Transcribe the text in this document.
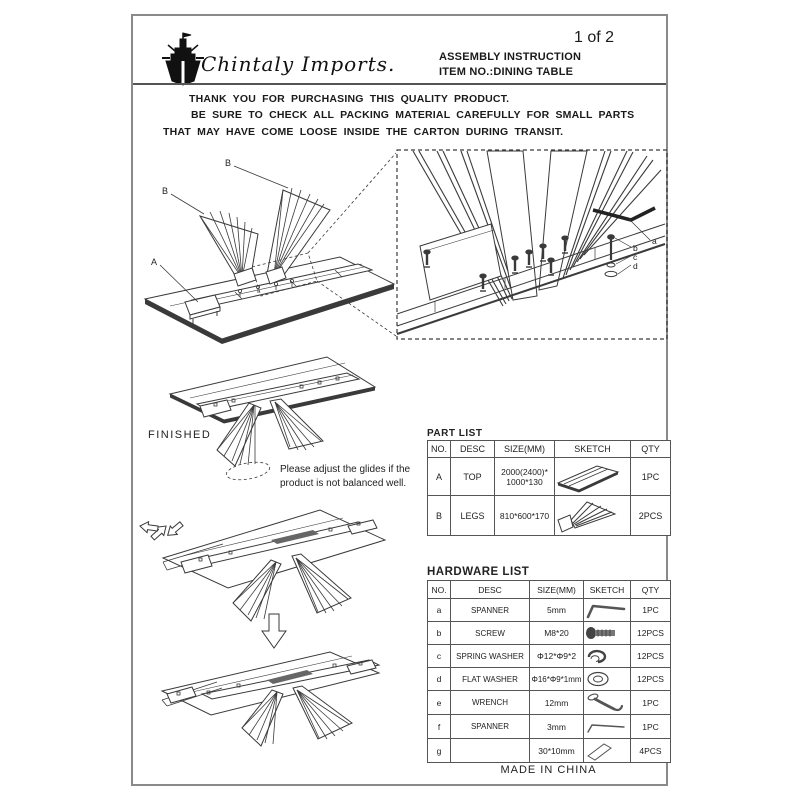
1 of 2
Chintaly Imports.	ASSEMBLY INSTRUCTION
ITEM NO.:DINING TABLE
THANK YOU FOR PURCHASING THIS QUALITY PRODUCT.
BE SURE TO CHECK ALL PACKING MATERIAL CAREFULLY FOR SMALL PARTS
THAT MAY HAVE COME LOOSE INSIDE THE CARTON DURING TRANSIT.
B
B
A
a
b
c
d
FINISHED
Please adjust the glides if the
product is not balanced well.
PART LIST
NO.	DESC	SIZE(MM)	SKETCH	QTY
A	TOP	2000(2400)*
1000*130		1PC
B	LEGS	810*600*170		2PCS
HARDWARE LIST
NO.	DESC	SIZE(MM)	SKETCH	QTY
a	SPANNER	5mm		1PC
b	SCREW	M8*20		12PCS
c	SPRING WASHER	Φ12*Φ9*2		12PCS
d	FLAT WASHER	Φ16*Φ9*1mm		12PCS
e	WRENCH	12mm		1PC
f	SPANNER	3mm		1PC
g		30*10mm		4PCS
MADE IN CHINA
